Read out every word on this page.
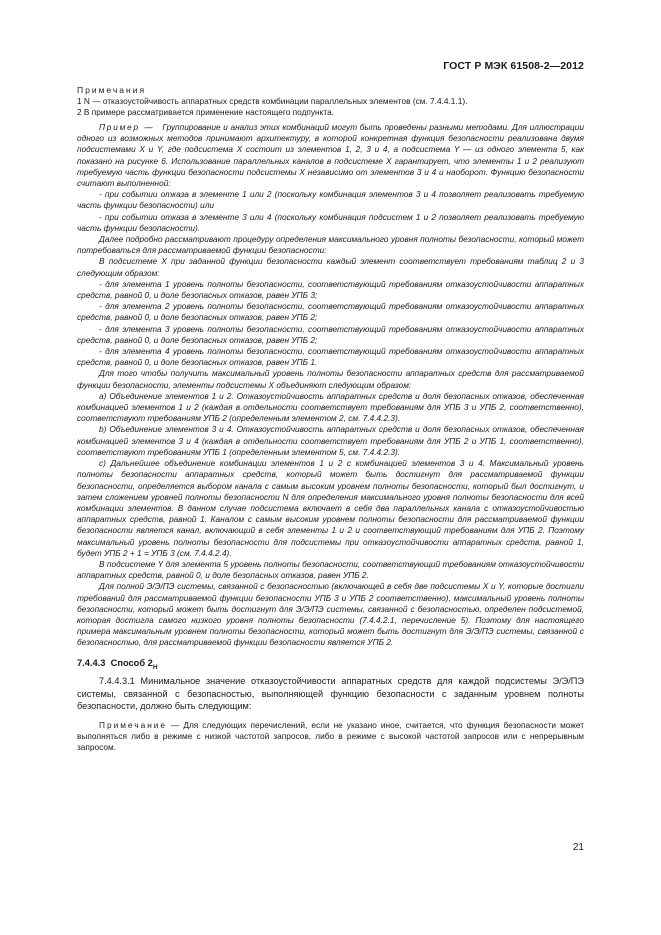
ГОСТ Р МЭК 61508-2—2012
Примечания
1 N — отказоустойчивость аппаратных средств комбинации параллельных элементов (см. 7.4.4.1.1).
2 В примере рассматривается применение настоящего подпункта.

Пример — Группирование и анализ этих комбинаций могут быть проведены разными методами. Для иллюстрации одного из возможных методов принимают архитектуру, в которой конкретная функция безопасности реализована двумя подсистемами X и Y, где подсистема X состоит из элементов 1, 2, 3 и 4, а подсистема Y — из одного элемента 5, как показано на рисунке 6. Использование параллельных каналов в подсистеме X гарантирует, что элементы 1 и 2 реализуют требуемую часть функции безопасности подсистемы X независимо от элементов 3 и 4 и наоборот. Функцию безопасности считают выполненной:

- при событии отказа в элементе 1 или 2 (поскольку комбинация элементов 3 и 4 позволяет реализовать требуемую часть функции безопасности) или

- при событии отказа в элементе 3 или 4 (поскольку комбинация подсистем 1 и 2 позволяет реализовать требуемую часть функции безопасности).

Далее подробно рассматривают процедуру определения максимального уровня полноты безопасности, который может потребоваться для рассматриваемой функции безопасности:

В подсистеме X при заданной функции безопасности каждый элемент соответствует требованиям таблиц 2 и 3 следующим образом:

- для элемента 1 уровень полноты безопасности, соответствующий требованиям отказоустойчивости аппаратных средств, равной 0, и доле безопасных отказов, равен УПБ 3;

- для элемента 2 уровень полноты безопасности, соответствующий требованиям отказоустойчивости аппаратных средств, равной 0, и доле безопасных отказов, равен УПБ 2;

- для элемента 3 уровень полноты безопасности, соответствующий требованиям отказоустойчивости аппаратных средств, равной 0, и доле безопасных отказов, равен УПБ 2;

- для элемента 4 уровень полноты безопасности, соответствующий требованиям отказоустойчивости аппаратных средств, равной 0, и доле безопасных отказов, равен УПБ 1.

Для того чтобы получить максимальный уровень полноты безопасности аппаратных средств для рассматриваемой функции безопасности, элементы подсистемы X объединяют следующим образом:

а) Объединение элементов 1 и 2. Отказоустойчивость аппаратных средств и доля безопасных отказов, обеспеченная комбинацией элементов 1 и 2 (каждая в отдельности соответствует требованиям для УПБ 3 и УПБ 2, соответственно), соответствуют требованиям УПБ 2 (определенным элементом 2, см. 7.4.4.2.3).

b) Объединение элементов 3 и 4. Отказоустойчивость аппаратных средств и доля безопасных отказов, обеспеченная комбинацией элементов 3 и 4 (каждая в отдельности соответствует требованиям для УПБ 2 и УПБ 1, соответственно), соответствуют требованиям УПБ 1 (определенным элементом 5, см. 7.4.4.2.3).

с) Дальнейшее объединение комбинации элементов 1 и 2 с комбинацией элементов 3 и 4. Максимальный уровень полноты безопасности аппаратных средств, который может быть достигнут для рассматриваемой функции безопасности, определяется выбором канала с самым высоким уровнем полноты безопасности, который был достигнут, и затем сложением уровней полноты безопасности N для определения максимального уровня полноты безопасности для всей комбинации элементов. В данном случае подсистема включает в себя два параллельных канала с отказоустойчивостью аппаратных средств, равной 1. Каналом с самым высоким уровнем полноты безопасности для рассматриваемой функции безопасности является канал, включающий в себя элементы 1 и 2 и соответствующий требованиям для УПБ 2. Поэтому максимальный уровень полноты безопасности для подсистемы при отказоустойчивости аппаратных средств, равной 1, будет УПБ 2 + 1 = УПБ 3 (см. 7.4.4.2.4).

В подсистеме Y для элемента 5 уровень полноты безопасности, соответствующий требованиям отказоустойчивости аппаратных средств, равной 0, и доле безопасных отказов, равен УПБ 2.

Для полной Э/Э/ПЭ системы, связанной с безопасностью (включающей в себя две подсистемы X и Y, которые достигли требований для рассматриваемой функции безопасности УПБ 3 и УПБ 2 соответственно), максимальный уровень полноты безопасности, который может быть достигнут для Э/Э/ПЭ системы, связанной с безопасностью, определен подсистемой, которая достигла самого низкого уровня полноты безопасности (7.4.4.2.1, перечисление 5). Поэтому для настоящего примера максимальным уровнем полноты безопасности, который может быть достигнут для Э/Э/ПЭ системы, связанной с безопасностью, для рассматриваемой функции безопасности является УПБ 2.

7.4.4.3 Способ $2_H$

7.4.4.3.1 Минимальное значение отказоустойчивости аппаратных средств для каждой подсистемы Э/Э/ПЭ системы, связанной с безопасностью, выполняющей функцию безопасности с заданным уровнем полноты безопасности, должно быть следующим:

Примечание — Для следующих перечислений, если не указано иное, считается, что функция безопасности может выполняться либо в режиме с низкой частотой запросов, либо в режиме с высокой частотой запросов или с непрерывным запросом.

21
